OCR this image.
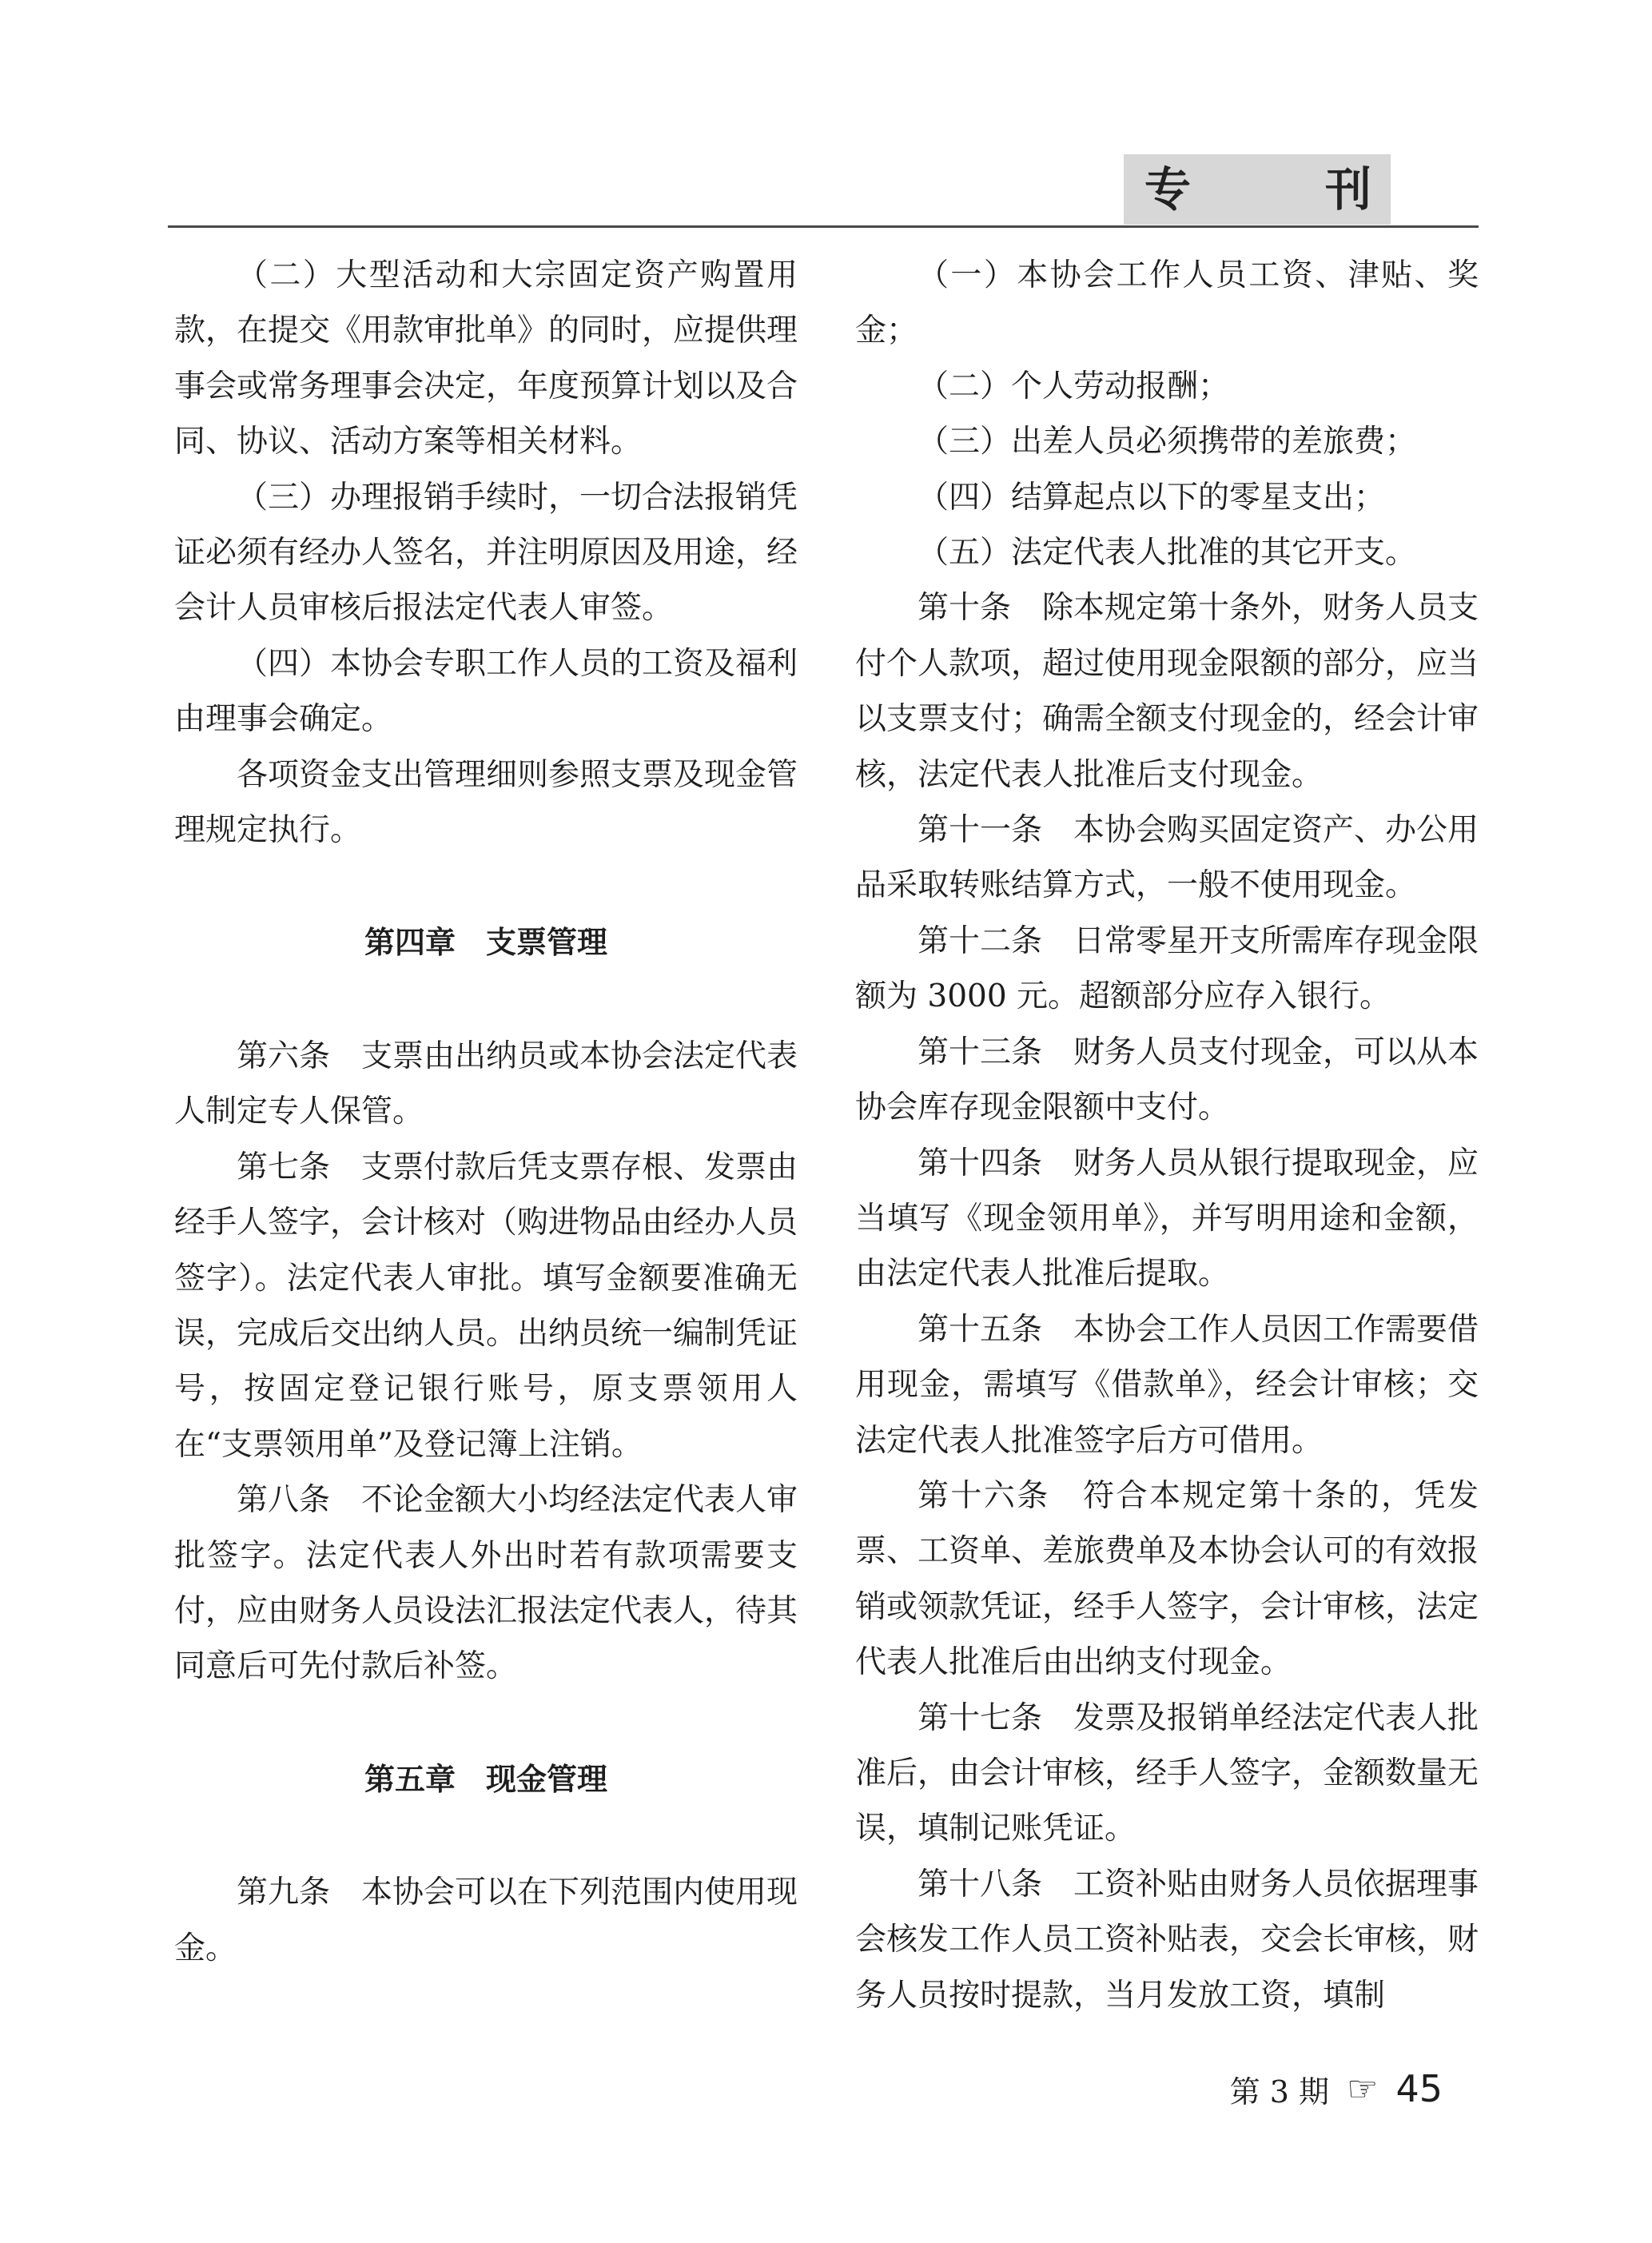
专	刊

（二）大型活动和大宗固定资产购置用款，在提交《用款审批单》的同时，应提供理事会或常务理事会决定，年度预算计划以及合同、协议、活动方案等相关材料。

（三）办理报销手续时，一切合法报销凭证必须有经办人签名，并注明原因及用途，经会计人员审核后报法定代表人审签。

（四）本协会专职工作人员的工资及福利由理事会确定。

各项资金支出管理细则参照支票及现金管理规定执行。

第四章　支票管理

第六条　支票由出纳员或本协会法定代表人制定专人保管。

第七条　支票付款后凭支票存根、发票由经手人签字，会计核对（购进物品由经办人员签字）。法定代表人审批。填写金额要准确无误，完成后交出纳人员。出纳员统一编制凭证号，按固定登记银行账号，原支票领用人在“支票领用单”及登记簿上注销。

第八条　不论金额大小均经法定代表人审批签字。法定代表人外出时若有款项需要支付，应由财务人员设法汇报法定代表人，待其同意后可先付款后补签。

第五章　现金管理

第九条　本协会可以在下列范围内使用现金。

（一）本协会工作人员工资、津贴、奖金；

（二）个人劳动报酬；

（三）出差人员必须携带的差旅费；

（四）结算起点以下的零星支出；

（五）法定代表人批准的其它开支。

第十条　除本规定第十条外，财务人员支付个人款项，超过使用现金限额的部分，应当以支票支付；确需全额支付现金的，经会计审核，法定代表人批准后支付现金。

第十一条　本协会购买固定资产、办公用品采取转账结算方式，一般不使用现金。

第十二条　日常零星开支所需库存现金限额为 3000 元。超额部分应存入银行。

第十三条　财务人员支付现金，可以从本协会库存现金限额中支付。

第十四条　财务人员从银行提取现金，应当填写《现金领用单》，并写明用途和金额，由法定代表人批准后提取。

第十五条　本协会工作人员因工作需要借用现金，需填写《借款单》，经会计审核；交法定代表人批准签字后方可借用。

第十六条　符合本规定第十条的，凭发票、工资单、差旅费单及本协会认可的有效报销或领款凭证，经手人签字，会计审核，法定代表人批准后由出纳支付现金。

第十七条　发票及报销单经法定代表人批准后，由会计审核，经手人签字，金额数量无误，填制记账凭证。

第十八条　工资补贴由财务人员依据理事会核发工作人员工资补贴表，交会长审核，财务人员按时提款，当月发放工资，填制

第 3 期 ☞ 45
